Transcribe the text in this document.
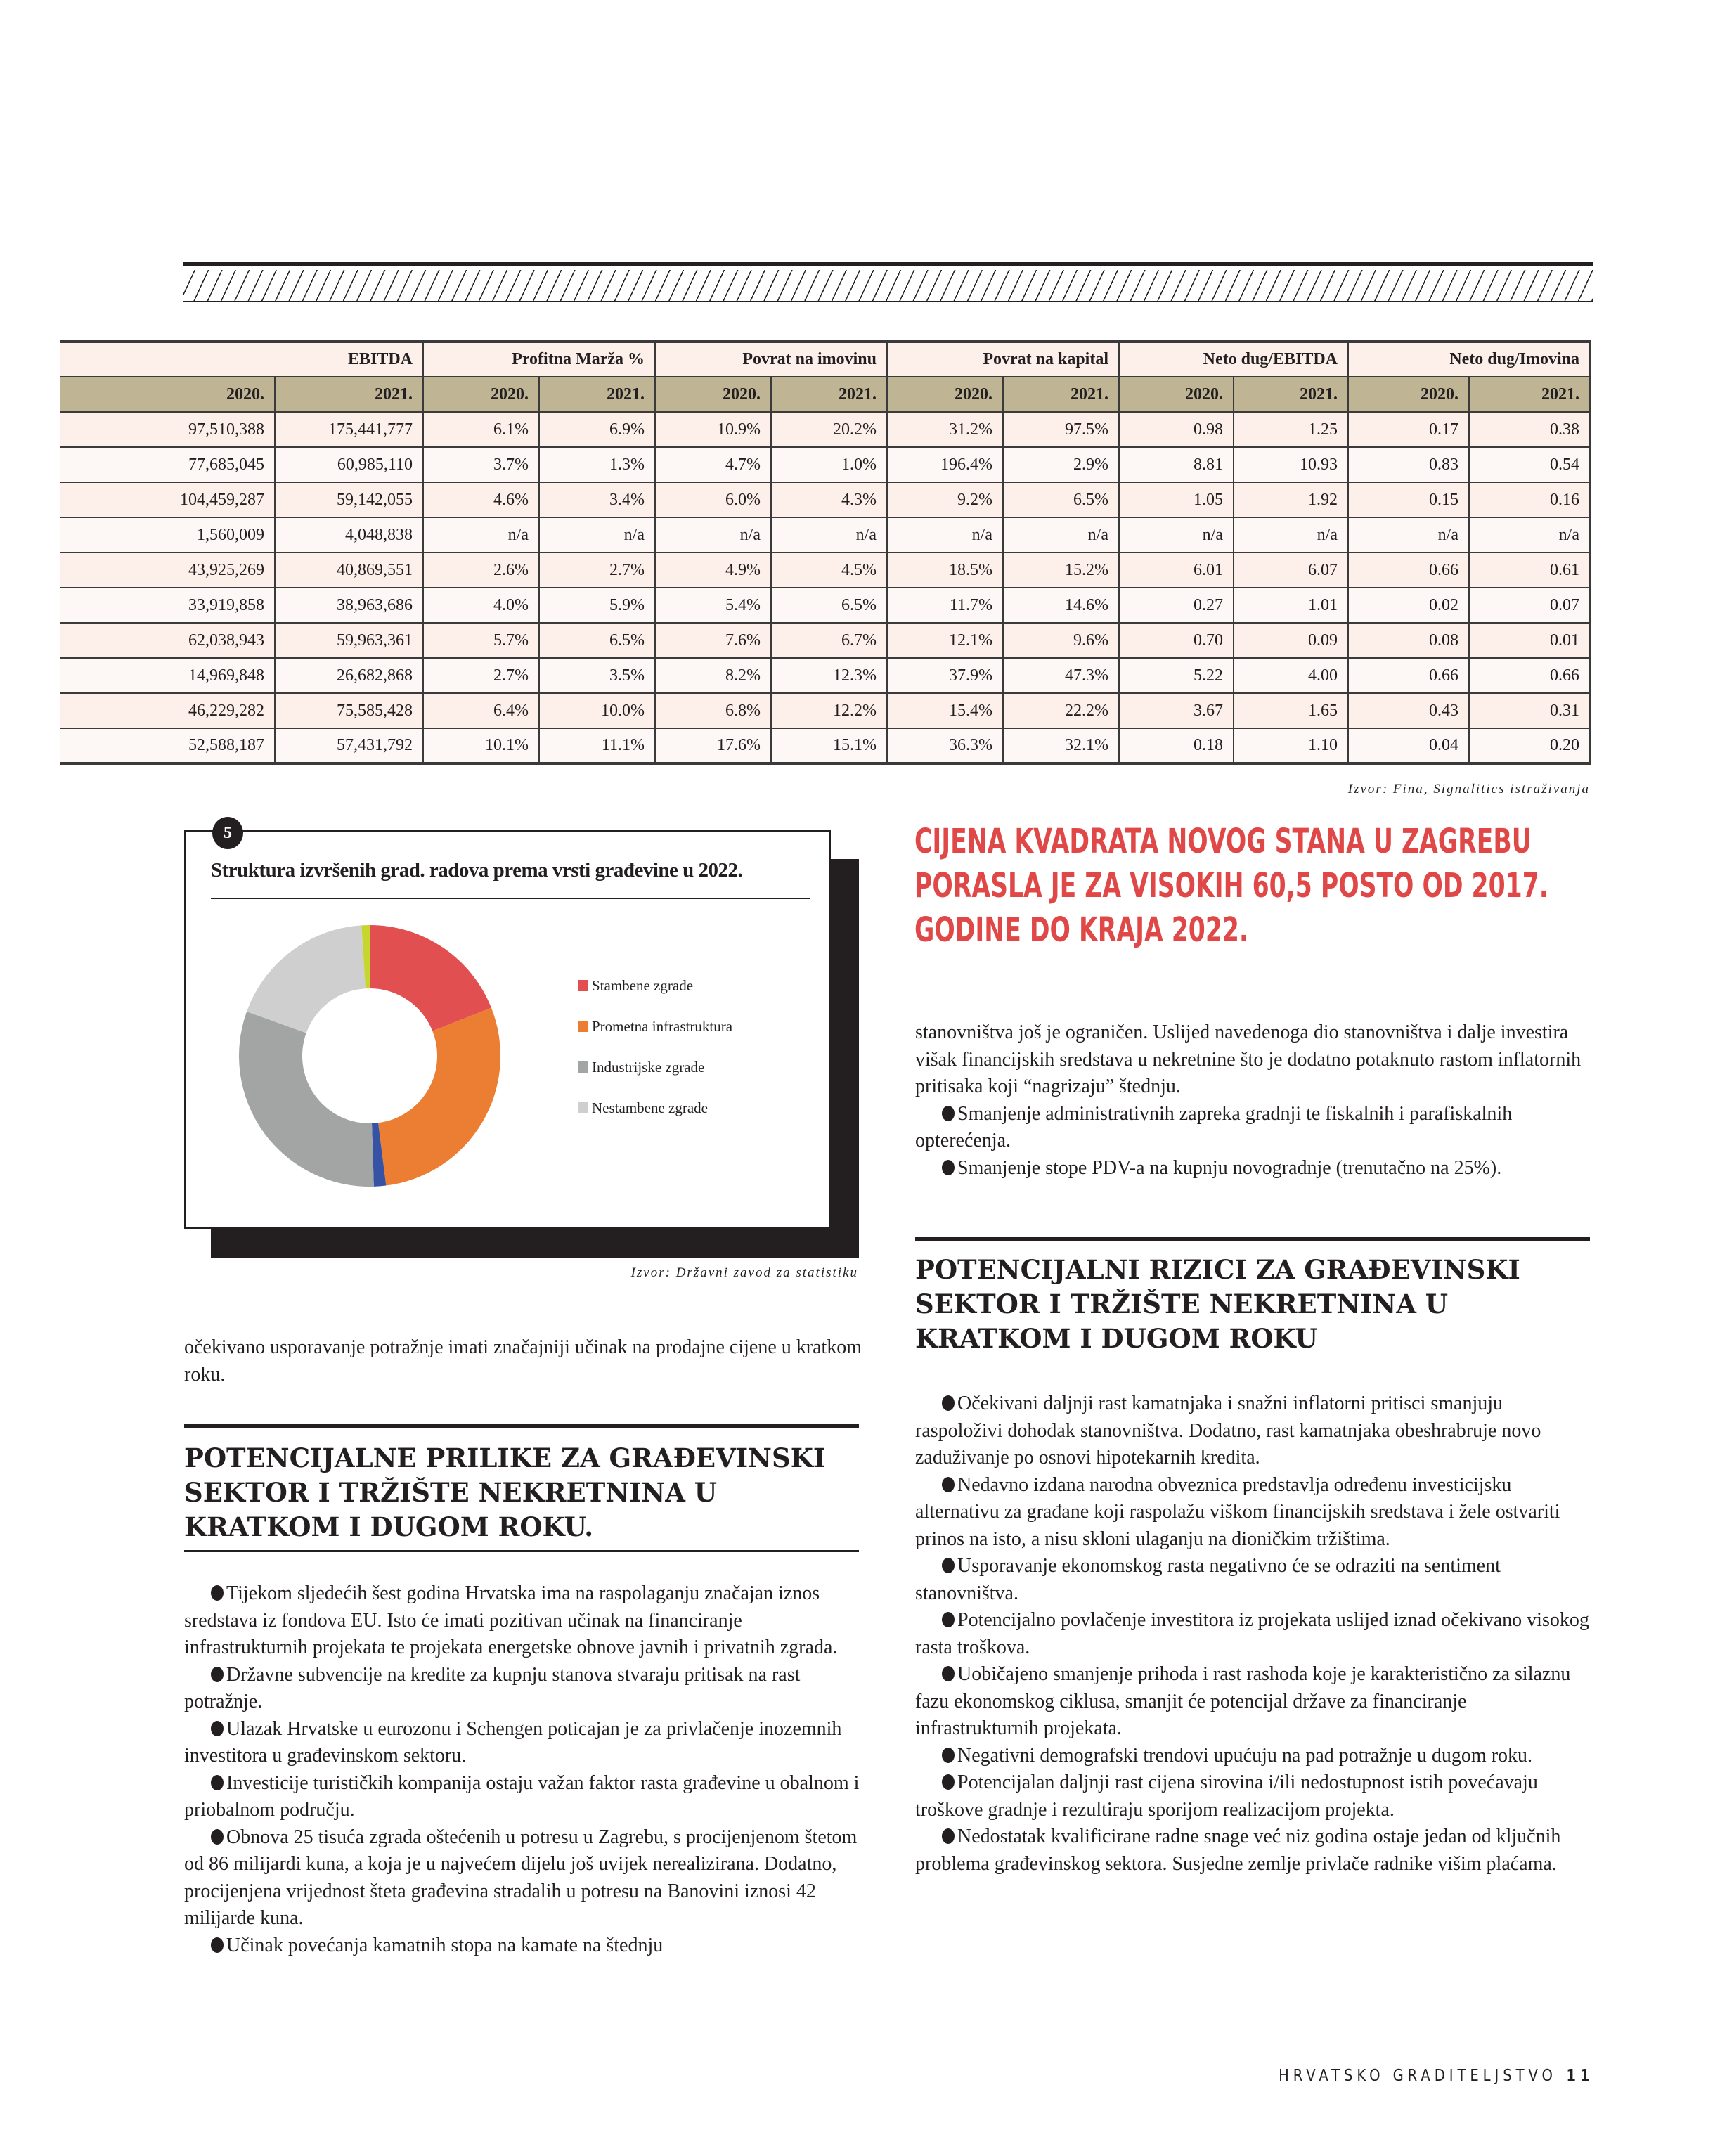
EBITDA		Profitna Marža %		Povrat na imovinu		Povrat na kapital		Neto dug/EBITDA		Neto dug/Imovina	
2020.	2021.	2020.	2021.	2020.	2021.	2020.	2021.	2020.	2021.	2020.	2021.
97,510,388	175,441,777	6.1%	6.9%	10.9%	20.2%	31.2%	97.5%	0.98	1.25	0.17	0.38
77,685,045	60,985,110	3.7%	1.3%	4.7%	1.0%	196.4%	2.9%	8.81	10.93	0.83	0.54
104,459,287	59,142,055	4.6%	3.4%	6.0%	4.3%	9.2%	6.5%	1.05	1.92	0.15	0.16
1,560,009	4,048,838	n/a	n/a	n/a	n/a	n/a	n/a	n/a	n/a	n/a	n/a
43,925,269	40,869,551	2.6%	2.7%	4.9%	4.5%	18.5%	15.2%	6.01	6.07	0.66	0.61
33,919,858	38,963,686	4.0%	5.9%	5.4%	6.5%	11.7%	14.6%	0.27	1.01	0.02	0.07
62,038,943	59,963,361	5.7%	6.5%	7.6%	6.7%	12.1%	9.6%	0.70	0.09	0.08	0.01
14,969,848	26,682,868	2.7%	3.5%	8.2%	12.3%	37.9%	47.3%	5.22	4.00	0.66	0.66
46,229,282	75,585,428	6.4%	10.0%	6.8%	12.2%	15.4%	22.2%	3.67	1.65	0.43	0.31
52,588,187	57,431,792	10.1%	11.1%	17.6%	15.1%	36.3%	32.1%	0.18	1.10	0.04	0.20
Izvor: Fina, Signalitics istraživanja
5
Struktura izvršenih grad. radova prema vrsti građevine u 2022.
Stambene zgrade
Prometna infrastruktura
Industrijske zgrade
Nestambene zgrade
Izvor: Državni zavod za statistiku
CIJENA KVADRATA NOVOG STANA U ZAGREBU
PORASLA JE ZA VISOKIH 60,5 POSTO OD 2017.
GODINE DO KRAJA 2022.

stanovništva još je ograničen. Uslijed navedenoga dio stanovništva i dalje investira višak financijskih sredstava u nekretnine što je dodatno potaknuto rastom inflatornih pritisaka koji “nagrizaju” štednju.

Smanjenje administrativnih zapreka gradnji te fiskalnih i parafiskalnih opterećenja.

Smanjenje stope PDV-a na kupnju novogradnje (trenutačno na 25%).

očekivano usporavanje potražnje imati značajniji učinak na prodajne cijene u kratkom roku.

POTENCIJALNE PRILIKE ZA GRAĐEVINSKI SEKTOR I TRŽIŠTE NEKRETNINA U KRATKOM I DUGOM ROKU.

Tijekom sljedećih šest godina Hrvatska ima na raspolaganju značajan iznos sredstava iz fondova EU. Isto će imati pozitivan učinak na financiranje infrastrukturnih projekata te projekata energetske obnove javnih i privatnih zgrada.

Državne subvencije na kredite za kupnju stanova stvaraju pritisak na rast potražnje.

Ulazak Hrvatske u eurozonu i Schengen poticajan je za privlačenje inozemnih investitora u građevinskom sektoru.

Investicije turističkih kompanija ostaju važan faktor rasta građevine u obalnom i priobalnom području.

Obnova 25 tisuća zgrada oštećenih u potresu u Zagrebu, s procijenjenom štetom od 86 milijardi kuna, a koja je u najvećem dijelu još uvijek nerealizirana. Dodatno, procijenjena vrijednost šteta građevina stradalih u potresu na Banovini iznosi 42 milijarde kuna.

Učinak povećanja kamatnih stopa na kamate na štednju

POTENCIJALNI RIZICI ZA GRAĐEVINSKI SEKTOR I TRŽIŠTE NEKRETNINA U KRATKOM I DUGOM ROKU

Očekivani daljnji rast kamatnjaka i snažni inflatorni pritisci smanjuju raspoloživi dohodak stanovništva. Dodatno, rast kamatnjaka obeshrabruje novo zaduživanje po osnovi hipotekarnih kredita.

Nedavno izdana narodna obveznica predstavlja određenu investicijsku alternativu za građane koji raspolažu viškom financijskih sredstava i žele ostvariti prinos na isto, a nisu skloni ulaganju na dioničkim tržištima.

Usporavanje ekonomskog rasta negativno će se odraziti na sentiment stanovništva.

Potencijalno povlačenje investitora iz projekata uslijed iznad očekivano visokog rasta troškova.

Uobičajeno smanjenje prihoda i rast rashoda koje je karakteristično za silaznu fazu ekonomskog ciklusa, smanjit će potencijal države za financiranje infrastrukturnih projekata.

Negativni demografski trendovi upućuju na pad potražnje u dugom roku.

Potencijalan daljnji rast cijena sirovina i/ili nedostupnost istih povećavaju troškove gradnje i rezultiraju sporijom realizacijom projekta.

Nedostatak kvalificirane radne snage već niz godina ostaje jedan od ključnih problema građevinskog sektora. Susjedne zemlje privlače radnike višim plaćama.

HRVATSKO GRADITELJSTVO 11
